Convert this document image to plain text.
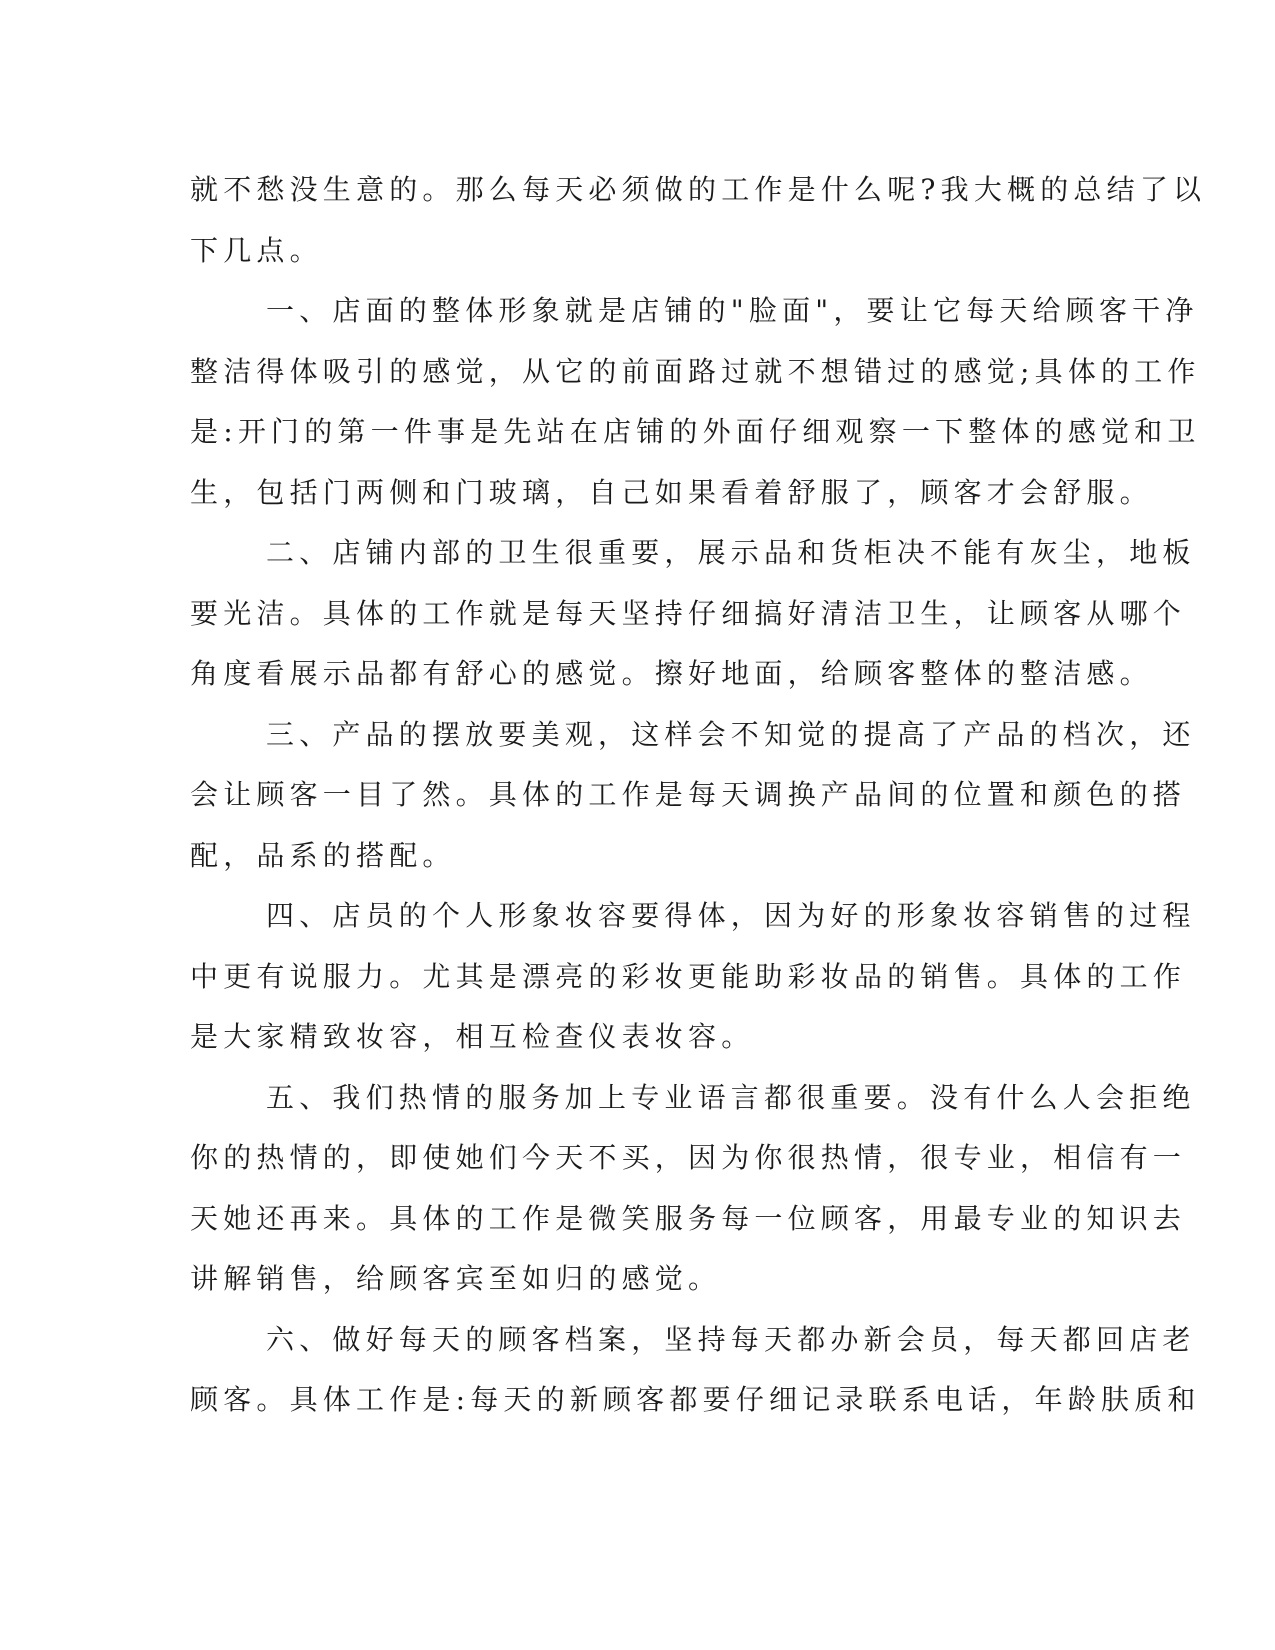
就不愁没生意的。那么每天必须做的工作是什么呢?我大概的总结了以
下几点。

一、店面的整体形象就是店铺的"脸面"，要让它每天给顾客干净
整洁得体吸引的感觉，从它的前面路过就不想错过的感觉;具体的工作
是:开门的第一件事是先站在店铺的外面仔细观察一下整体的感觉和卫
生，包括门两侧和门玻璃，自己如果看着舒服了，顾客才会舒服。

二、店铺内部的卫生很重要，展示品和货柜决不能有灰尘，地板
要光洁。具体的工作就是每天坚持仔细搞好清洁卫生，让顾客从哪个
角度看展示品都有舒心的感觉。擦好地面，给顾客整体的整洁感。

三、产品的摆放要美观，这样会不知觉的提高了产品的档次，还
会让顾客一目了然。具体的工作是每天调换产品间的位置和颜色的搭
配，品系的搭配。

四、店员的个人形象妆容要得体，因为好的形象妆容销售的过程
中更有说服力。尤其是漂亮的彩妆更能助彩妆品的销售。具体的工作
是大家精致妆容，相互检查仪表妆容。

五、我们热情的服务加上专业语言都很重要。没有什么人会拒绝
你的热情的，即使她们今天不买，因为你很热情，很专业，相信有一
天她还再来。具体的工作是微笑服务每一位顾客，用最专业的知识去
讲解销售，给顾客宾至如归的感觉。

六、做好每天的顾客档案，坚持每天都办新会员，每天都回店老
顾客。具体工作是:每天的新顾客都要仔细记录联系电话，年龄肤质和
